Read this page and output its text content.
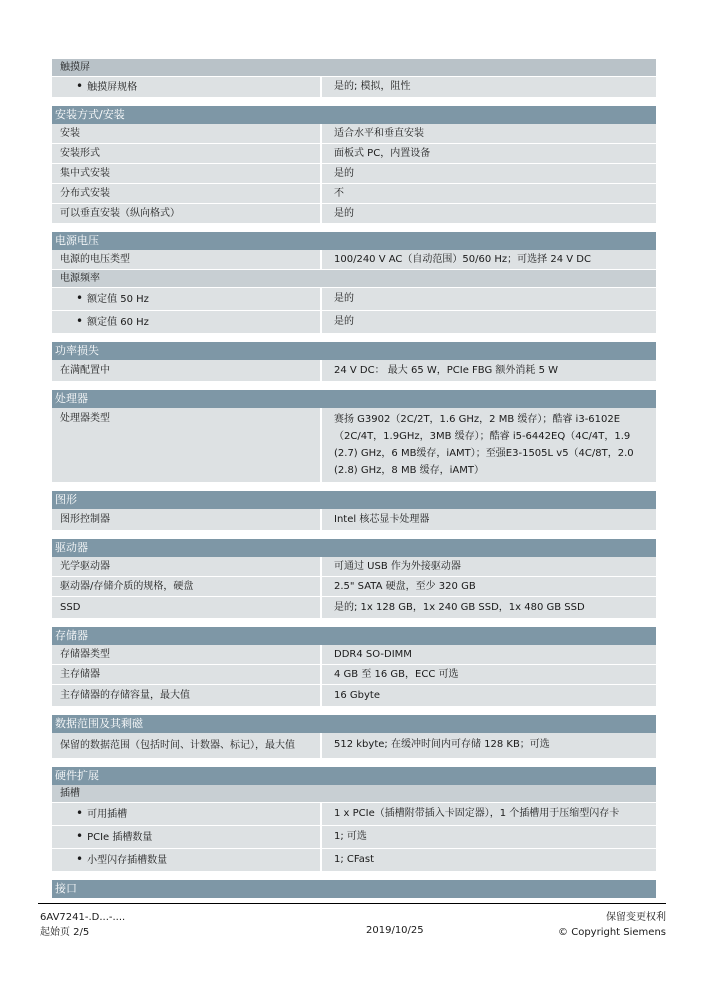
触摸屏
• 触摸屏规格	是的; 模拟，阻性
安装方式/安装
安装	适合水平和垂直安装
安装形式	面板式 PC，内置设备
集中式安装	是的
分布式安装	不
可以垂直安装（纵向格式）	是的
电源电压
电源的电压类型	100/240 V AC（自动范围）50/60 Hz；可选择 24 V DC
电源频率
• 额定值 50 Hz	是的
• 额定值 60 Hz	是的
功率损失
在满配置中	24 V DC： 最大 65 W，PCIe FBG 额外消耗 5 W
处理器
处理器类型	赛扬 G3902（2C/2T，1.6 GHz，2 MB 缓存）；酷睿 i3-6102E（2C/4T，1.9GHz，3MB 缓存）；酷睿 i5-6442EQ（4C/4T，1.9 (2.7) GHz，6 MB缓存，iAMT）；至强E3-1505L v5（4C/8T，2.0 (2.8) GHz，8 MB 缓存，iAMT）
图形
图形控制器	Intel 核芯显卡处理器
驱动器
光学驱动器	可通过 USB 作为外接驱动器
驱动器/存储介质的规格，硬盘	2.5" SATA 硬盘，至少 320 GB
SSD	是的; 1x 128 GB，1x 240 GB SSD，1x 480 GB SSD
存储器
存储器类型	DDR4 SO-DIMM
主存储器	4 GB 至 16 GB，ECC 可选
主存储器的存储容量，最大值	16 Gbyte
数据范围及其剩磁
保留的数据范围（包括时间、计数器、标记），最大值	512 kbyte; 在缓冲时间内可存储 128 KB；可选
硬件扩展
插槽
• 可用插槽	1 x PCIe（插槽附带插入卡固定器），1 个插槽用于压缩型闪存卡
• PCIe 插槽数量	1; 可选
• 小型闪存插槽数量	1; CFast
接口
6AV7241-.D...-....
起始页 2/5	2019/10/25
保留变更权利
© Copyright Siemens
